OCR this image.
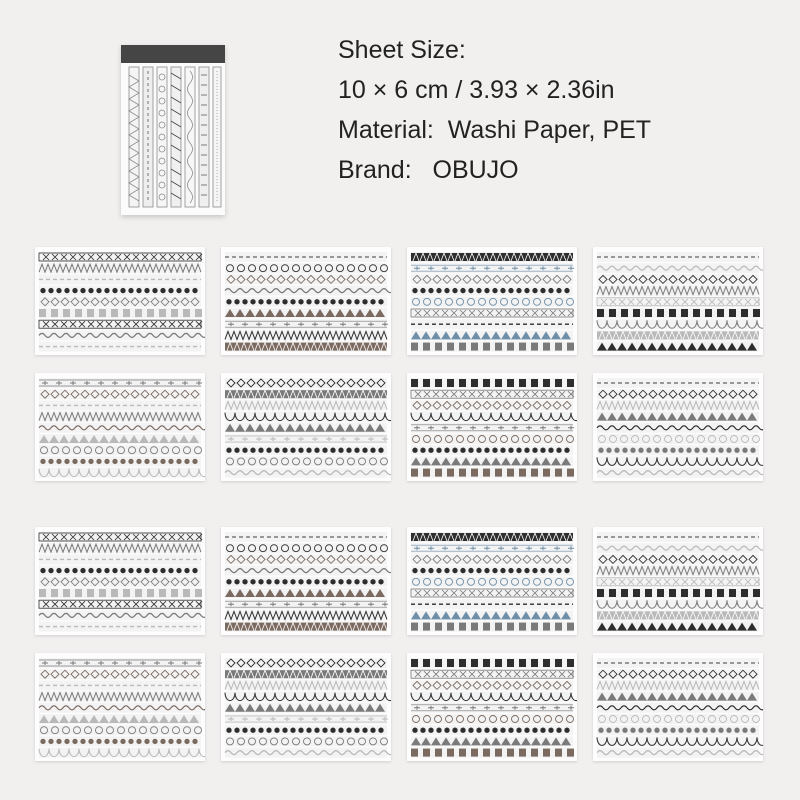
Sheet Size:
10 × 6 cm / 3.93 × 2.36in
Material:  Washi Paper, PET
Brand:   OBUJO
